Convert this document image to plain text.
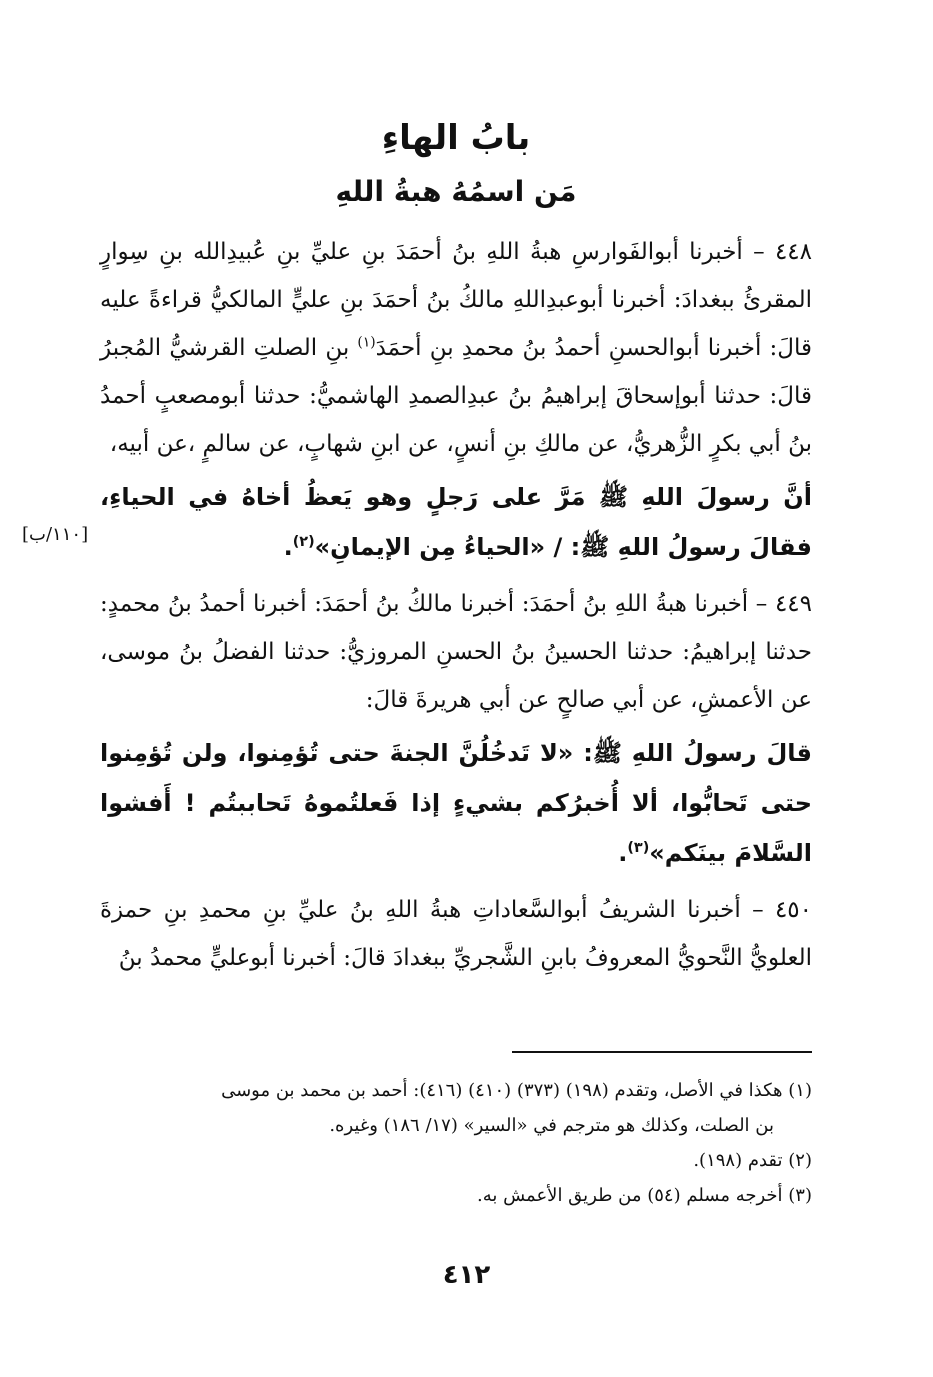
بابُ الهاءِ
مَن اسمُهُ هبةُ اللهِ

٤٤٨ – أخبرنا أبوالفَوارسِ هبةُ اللهِ بنُ أحمَدَ بنِ عليِّ بنِ عُبيدِالله بنِ سِوارٍ المقرئُ ببغدادَ: أخبرنا أبوعبدِاللهِ مالكُ بنُ أحمَدَ بنِ عليٍّ المالكيُّ قراءةً عليه قالَ: أخبرنا أبوالحسنِ أحمدُ بنُ محمدِ بنِ أحمَدَ$^{(١)}$ بنِ الصلتِ القرشيُّ المُجبرُ قالَ: حدثنا أبوإسحاقَ إبراهيمُ بنُ عبدِالصمدِ الهاشميُّ: حدثنا أبومصعبٍ أحمدُ بنُ أبي بكرٍ الزُّهريُّ، عن مالكِ بنِ أنسٍ، عن ابنِ شهابٍ، عن سالمٍ ،عن أبيه،

أنَّ رسولَ اللهِ ﷺ مَرَّ على رَجلٍ وهو يَعظُ أخاهُ في الحياءِ، فقالَ رسولُ اللهِ ﷺ: / «الحياءُ مِن الإيمانِ»$^{(٢)}$.

[١١٠/ب]

٤٤٩ – أخبرنا هبةُ اللهِ بنُ أحمَدَ: أخبرنا مالكُ بنُ أحمَدَ: أخبرنا أحمدُ بنُ محمدٍ: حدثنا إبراهيمُ: حدثنا الحسينُ بنُ الحسنِ المروزيُّ: حدثنا الفضلُ بنُ موسى، عن الأعمشِ، عن أبي صالحٍ عن أبي هريرةَ قالَ:

قالَ رسولُ اللهِ ﷺ: «لا تَدخُلُنَّ الجنةَ حتى تُؤمِنوا، ولن تُؤمِنوا حتى تَحابُّوا، ألا أُخبرُكم بشيءٍ إذا فَعلتُموهُ تَحاببتُم ! أَفشوا السَّلامَ بينَكم»$^{(٣)}$.

٤٥٠ – أخبرنا الشريفُ أبوالسَّعاداتِ هبةُ اللهِ بنُ عليِّ بنِ محمدِ بنِ حمزةَ العلويُّ النَّحويُّ المعروفُ بابنِ الشَّجريِّ ببغدادَ قالَ: أخبرنا أبوعليٍّ محمدُ بنُ

(١) هكذا في الأصل، وتقدم (١٩٨) (٣٧٣) (٤١٠) (٤١٦): أحمد بن محمد بن موسى

بن الصلت، وكذلك هو مترجم في «السير» (١٧/ ١٨٦) وغيره.

(٢) تقدم (١٩٨).

(٣) أخرجه مسلم (٥٤) من طريق الأعمش به.

٤١٢
